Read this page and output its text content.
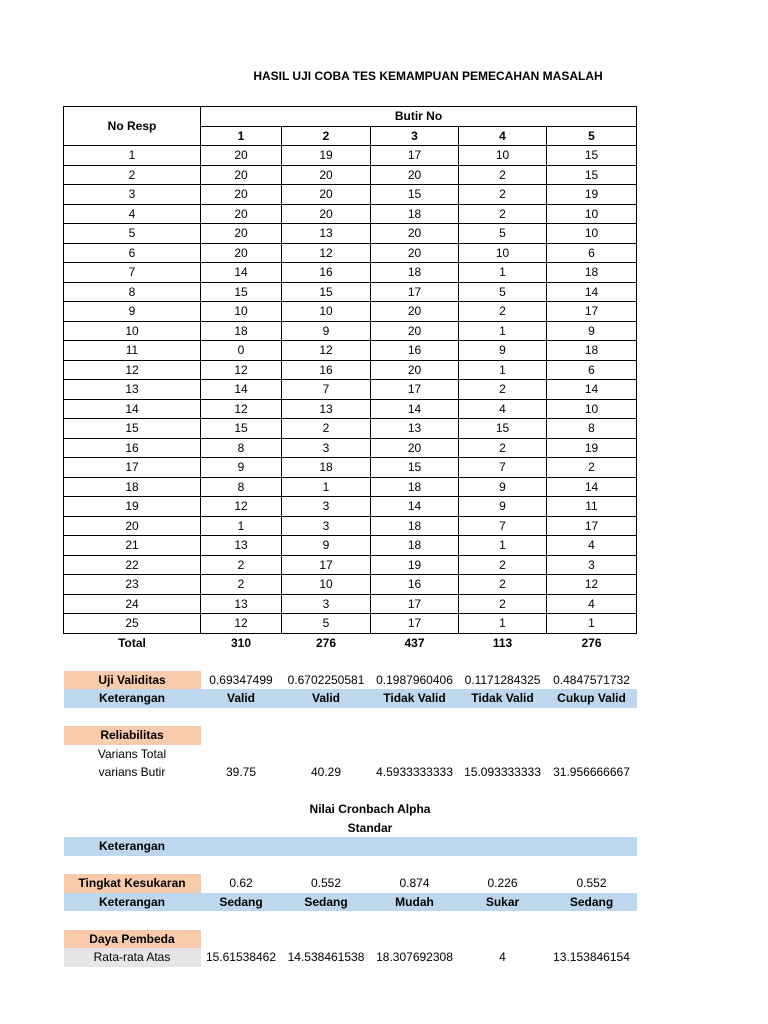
HASIL UJI COBA TES KEMAMPUAN PEMECAHAN MASALAH
No Resp	Butir No				
	1	2	3	4	5
1	20	19	17	10	15
2	20	20	20	2	15
3	20	20	15	2	19
4	20	20	18	2	10
5	20	13	20	5	10
6	20	12	20	10	6
7	14	16	18	1	18
8	15	15	17	5	14
9	10	10	20	2	17
10	18	9	20	1	9
11	0	12	16	9	18
12	12	16	20	1	6
13	14	7	17	2	14
14	12	13	14	4	10
15	15	2	13	15	8
16	8	3	20	2	19
17	9	18	15	7	2
18	8	1	18	9	14
19	12	3	14	9	11
20	1	3	18	7	17
21	13	9	18	1	4
22	2	17	19	2	3
23	2	10	16	2	12
24	13	3	17	2	4
25	12	5	17	1	1
Total	310	276	437	113	276

Uji Validitas	0.69347499	0.6702250581	0.1987960406	0.1171284325	0.4847571732
Keterangan	Valid	Valid	Tidak Valid	Tidak Valid	Cukup Valid

Reliabilitas					
Varians Total					
varians Butir	39.75	40.29	4.5933333333	15.093333333	31.956666667

		Nilai Cronbach Alpha			
		Standar			
Keterangan					

Tingkat Kesukaran	0.62	0.552	0.874	0.226	0.552
Keterangan	Sedang	Sedang	Mudah	Sukar	Sedang

Daya Pembeda					
Rata-rata Atas	15.61538462	14.538461538	18.307692308	4	13.153846154
